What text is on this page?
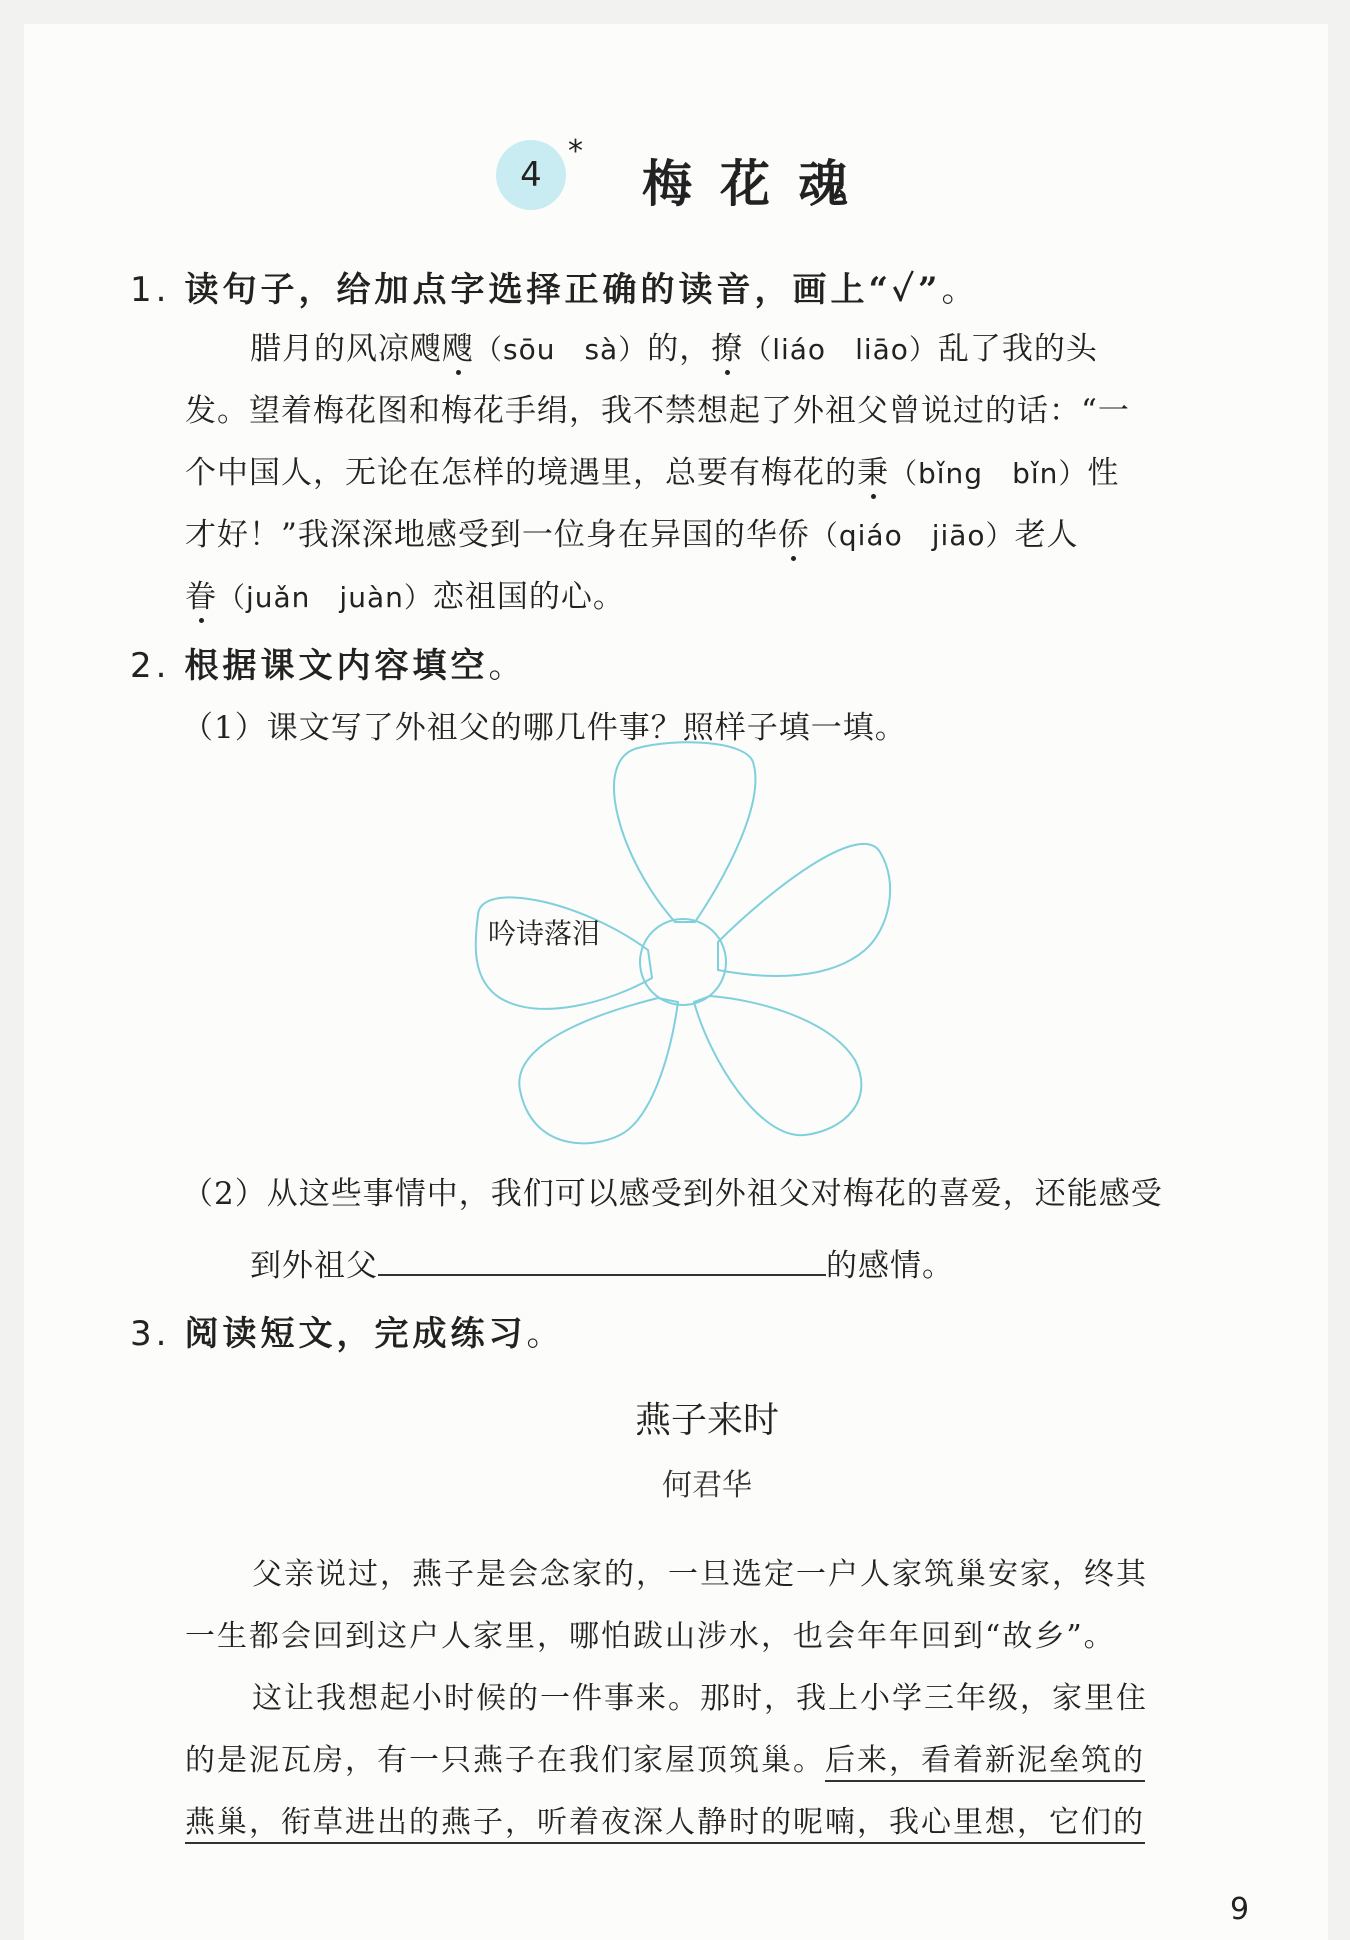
4
*
梅花魂
1. 读句子，给加点字选择正确的读音，画上“✓”。
腊月的风凉飕飕（sōu　sà）的，撩（liáo　liāo）乱了我的头
发。望着梅花图和梅花手绢，我不禁想起了外祖父曾说过的话：“一
个中国人，无论在怎样的境遇里，总要有梅花的秉（bǐng　bǐn）性
才好！”我深深地感受到一位身在异国的华侨（qiáo　jiāo）老人
眷（juǎn　juàn）恋祖国的心。
2. 根据课文内容填空。
（1）课文写了外祖父的哪几件事？照样子填一填。
吟诗落泪
（2）从这些事情中，我们可以感受到外祖父对梅花的喜爱，还能感受
到外祖父	的感情。
3. 阅读短文，完成练习。
燕子来时
何君华
父亲说过，燕子是会念家的，一旦选定一户人家筑巢安家，终其
一生都会回到这户人家里，哪怕跋山涉水，也会年年回到“故乡”。
这让我想起小时候的一件事来。那时，我上小学三年级，家里住
的是泥瓦房，有一只燕子在我们家屋顶筑巢。后来，看着新泥垒筑的
燕巢，衔草进出的燕子，听着夜深人静时的呢喃，我心里想，它们的
9
